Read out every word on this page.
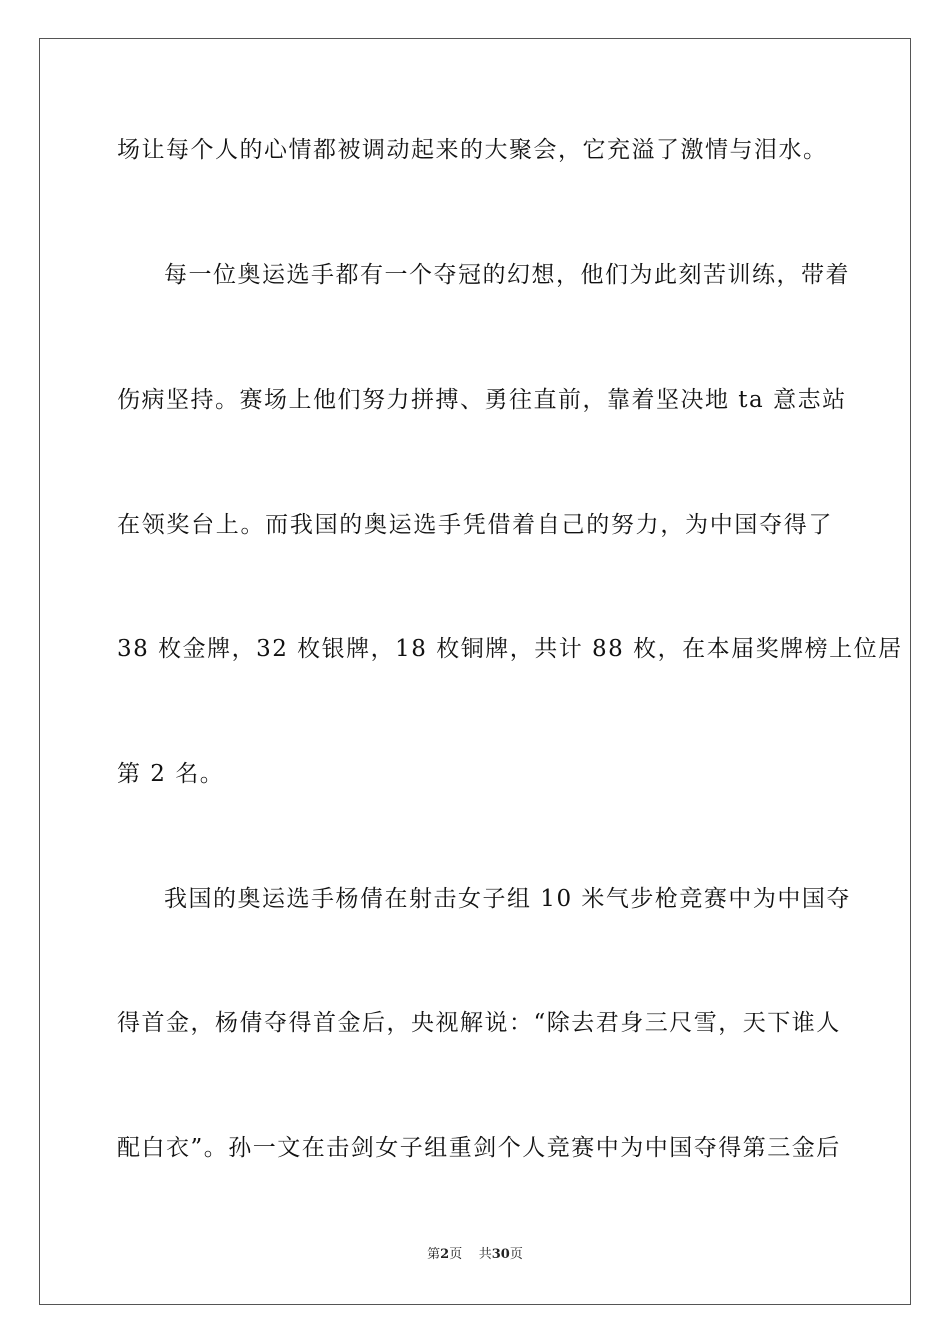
场让每个人的心情都被调动起来的大聚会，它充溢了激情与泪水。
每一位奥运选手都有一个夺冠的幻想，他们为此刻苦训练，带着
伤病坚持。赛场上他们努力拼搏、勇往直前，靠着坚决地 ta 意志站
在领奖台上。而我国的奥运选手凭借着自己的努力，为中国夺得了
38 枚金牌，32 枚银牌，18 枚铜牌，共计 88 枚，在本届奖牌榜上位居
第 2 名。
我国的奥运选手杨倩在射击女子组 10 米气步枪竞赛中为中国夺
得首金，杨倩夺得首金后，央视解说：“除去君身三尺雪，天下谁人
配白衣”。孙一文在击剑女子组重剑个人竞赛中为中国夺得第三金后
第2页 共30页
